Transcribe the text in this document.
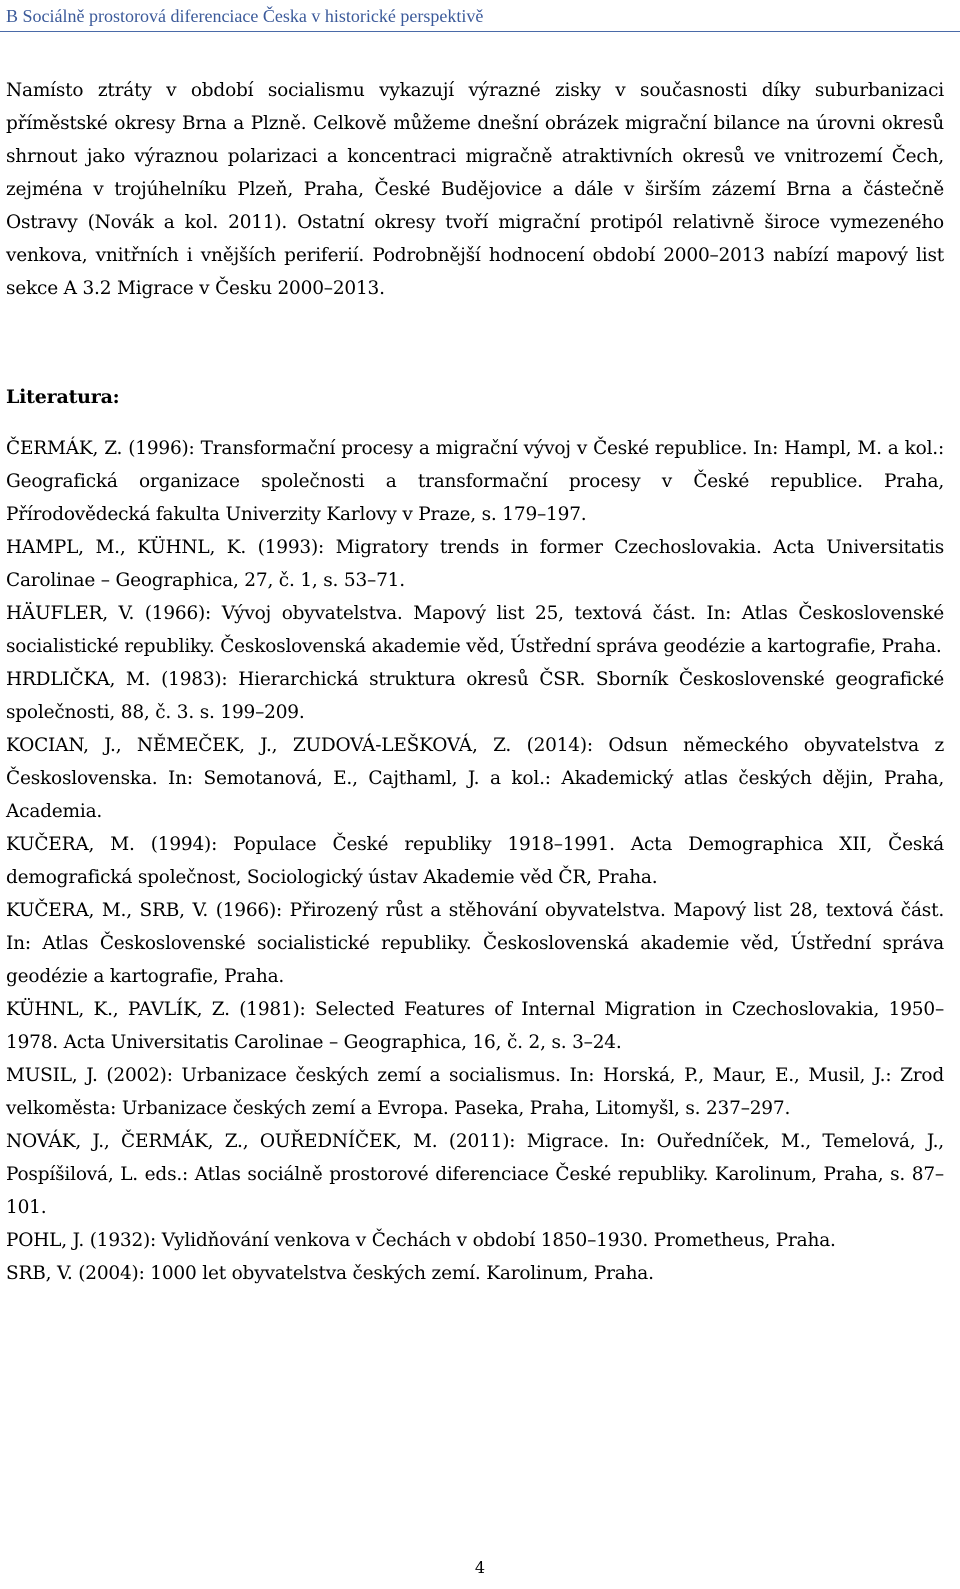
B Sociálně prostorová diferenciace Česka v historické perspektivě

Namísto ztráty v období socialismu vykazují výrazné zisky v současnosti díky suburbanizaci příměstské okresy Brna a Plzně. Celkově můžeme dnešní obrázek migrační bilance na úrovni okresů shrnout jako výraznou polarizaci a koncentraci migračně atraktivních okresů ve vnitrozemí Čech, zejména v trojúhelníku Plzeň, Praha, České Budějovice a dále v širším zázemí Brna a částečně Ostravy (Novák a kol. 2011). Ostatní okresy tvoří migrační protipól relativně široce vymezeného venkova, vnitřních i vnějších periferií. Podrobnější hodnocení období 2000–2013 nabízí mapový list sekce A 3.2 Migrace v Česku 2000–2013.

Literatura:

ČERMÁK, Z. (1996): Transformační procesy a migrační vývoj v České republice. In: Hampl, M. a kol.: Geografická organizace společnosti a transformační procesy v České republice. Praha, Přírodovědecká fakulta Univerzity Karlovy v Praze, s. 179–197.

HAMPL, M., KÜHNL, K. (1993): Migratory trends in former Czechoslovakia. Acta Universitatis Carolinae – Geographica, 27, č. 1, s. 53–71.

HÄUFLER, V. (1966): Vývoj obyvatelstva. Mapový list 25, textová část. In: Atlas Československé socialistické republiky. Československá akademie věd, Ústřední správa geodézie a kartografie, Praha.

HRDLIČKA, M. (1983): Hierarchická struktura okresů ČSR. Sborník Československé geografické společnosti, 88, č. 3. s. 199–209.

KOCIAN, J., NĚMEČEK, J., ZUDOVÁ-LEŠKOVÁ, Z. (2014): Odsun německého obyvatelstva z Československa. In: Semotanová, E., Cajthaml, J. a kol.: Akademický atlas českých dějin, Praha, Academia.

KUČERA, M. (1994): Populace České republiky 1918–1991. Acta Demographica XII, Česká demografická společnost, Sociologický ústav Akademie věd ČR, Praha.

KUČERA, M., SRB, V. (1966): Přirozený růst a stěhování obyvatelstva. Mapový list 28, textová část. In: Atlas Československé socialistické republiky. Československá akademie věd, Ústřední správa geodézie a kartografie, Praha.

KÜHNL, K., PAVLÍK, Z. (1981): Selected Features of Internal Migration in Czechoslovakia, 1950–1978. Acta Universitatis Carolinae – Geographica, 16, č. 2, s. 3–24.

MUSIL, J. (2002): Urbanizace českých zemí a socialismus. In: Horská, P., Maur, E., Musil, J.: Zrod velkoměsta: Urbanizace českých zemí a Evropa. Paseka, Praha, Litomyšl, s. 237–297.

NOVÁK, J., ČERMÁK, Z., OUŘEDNÍČEK, M. (2011): Migrace. In: Ouředníček, M., Temelová, J., Pospíšilová, L. eds.: Atlas sociálně prostorové diferenciace České republiky. Karolinum, Praha, s. 87–101.

POHL, J. (1932): Vylidňování venkova v Čechách v období 1850–1930. Prometheus, Praha.

SRB, V. (2004): 1000 let obyvatelstva českých zemí. Karolinum, Praha.

4
